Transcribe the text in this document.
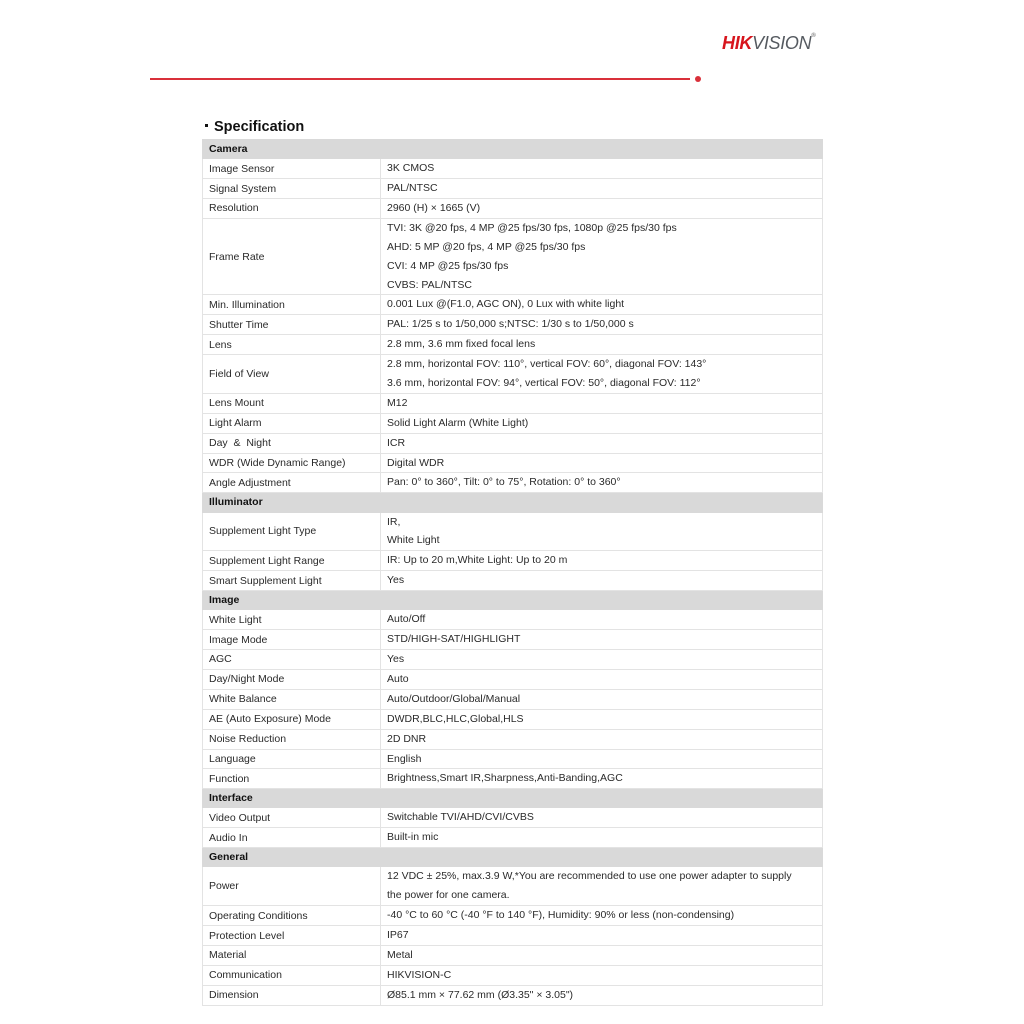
HIKVISION®
Specification
Camera	
Image Sensor	3K CMOS

Signal System	PAL/NTSC

Resolution	2960 (H) × 1665 (V)

Frame Rate	TVI: 3K @20 fps, 4 MP @25 fps/30 fps, 1080p @25 fps/30 fps
AHD: 5 MP @20 fps, 4 MP @25 fps/30 fps
CVI: 4 MP @25 fps/30 fps
CVBS: PAL/NTSC

Min. Illumination	0.001 Lux @(F1.0, AGC ON), 0 Lux with white light

Shutter Time	PAL: 1/25 s to 1/50,000 s;NTSC: 1/30 s to 1/50,000 s

Lens	2.8 mm, 3.6 mm fixed focal lens

Field of View	2.8 mm, horizontal FOV: 110°, vertical FOV: 60°, diagonal FOV: 143°
3.6 mm, horizontal FOV: 94°, vertical FOV: 50°, diagonal FOV: 112°

Lens Mount	M12

Light Alarm	Solid Light Alarm (White Light)

Day  &  Night	ICR

WDR (Wide Dynamic Range)	Digital WDR

Angle Adjustment	Pan: 0° to 360°, Tilt: 0° to 75°, Rotation: 0° to 360°

Illuminator	
Supplement Light Type	IR,
White Light

Supplement Light Range	IR: Up to 20 m,White Light: Up to 20 m

Smart Supplement Light	Yes

Image	
White Light	Auto/Off

Image Mode	STD/HIGH-SAT/HIGHLIGHT

AGC	Yes

Day/Night Mode	Auto

White Balance	Auto/Outdoor/Global/Manual

AE (Auto Exposure) Mode	DWDR,BLC,HLC,Global,HLS

Noise Reduction	2D DNR

Language	English

Function	Brightness,Smart IR,Sharpness,Anti-Banding,AGC

Interface	
Video Output	Switchable TVI/AHD/CVI/CVBS

Audio In	Built-in mic

General	
Power	12 VDC ± 25%, max.3.9 W,*You are recommended to use one power adapter to supply
the power for one camera.

Operating Conditions	-40 °C to 60 °C (-40 °F to 140 °F), Humidity: 90% or less (non-condensing)

Protection Level	IP67

Material	Metal

Communication	HIKVISION-C

Dimension	Ø85.1 mm × 77.62 mm (Ø3.35" × 3.05")
